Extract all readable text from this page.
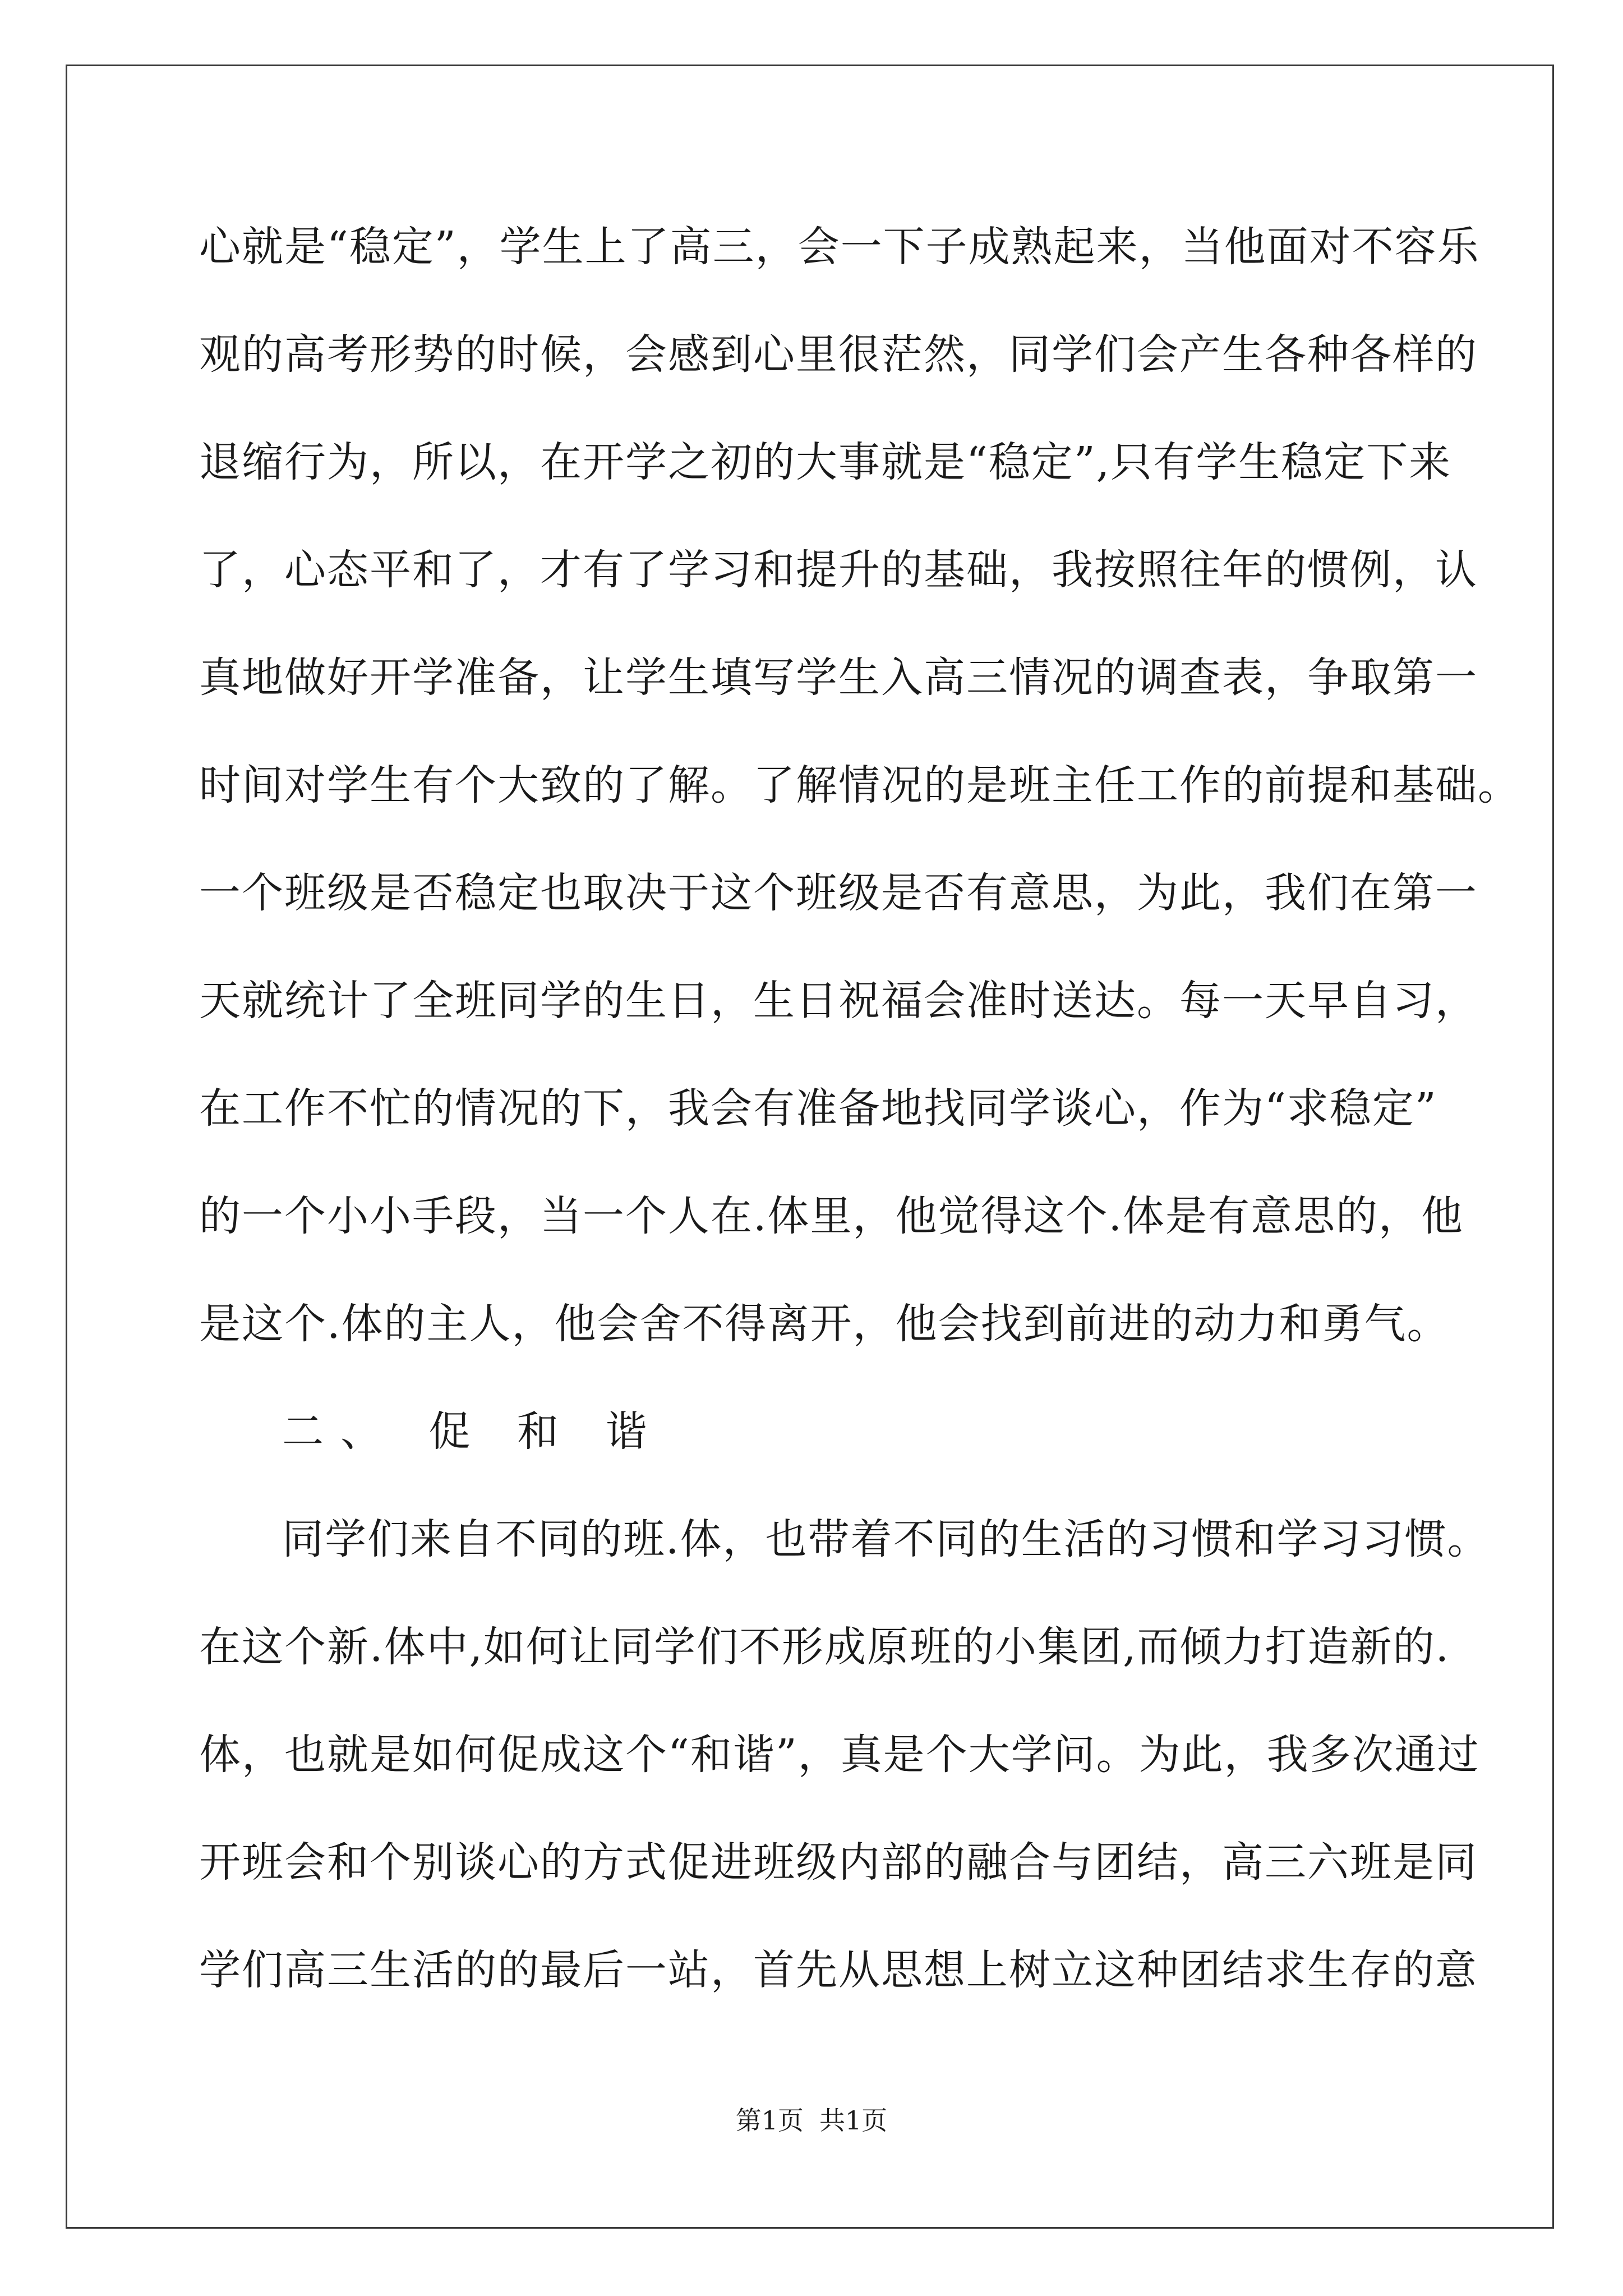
心就是“稳定”，学生上了高三，会一下子成熟起来，当他面对不容乐
观的高考形势的时候，会感到心里很茫然，同学们会产生各种各样的
退缩行为，所以，在开学之初的大事就是“稳定”,只有学生稳定下来
了，心态平和了，才有了学习和提升的基础，我按照往年的惯例，认
真地做好开学准备，让学生填写学生入高三情况的调查表，争取第一
时间对学生有个大致的了解。了解情况的是班主任工作的前提和基础。
一个班级是否稳定也取决于这个班级是否有意思，为此，我们在第一
天就统计了全班同学的生日，生日祝福会准时送达。每一天早自习，
在工作不忙的情况的下，我会有准备地找同学谈心，作为“求稳定”
的一个小小手段，当一个人在.体里，他觉得这个.体是有意思的，他
是这个.体的主人，他会舍不得离开，他会找到前进的动力和勇气。
二、 促 和 谐
同学们来自不同的班.体，也带着不同的生活的习惯和学习习惯。
在这个新.体中,如何让同学们不形成原班的小集团,而倾力打造新的.
体，也就是如何促成这个“和谐”，真是个大学问。为此，我多次通过
开班会和个别谈心的方式促进班级内部的融合与团结，高三六班是同
学们高三生活的的最后一站，首先从思想上树立这种团结求生存的意
第1页 共1页
